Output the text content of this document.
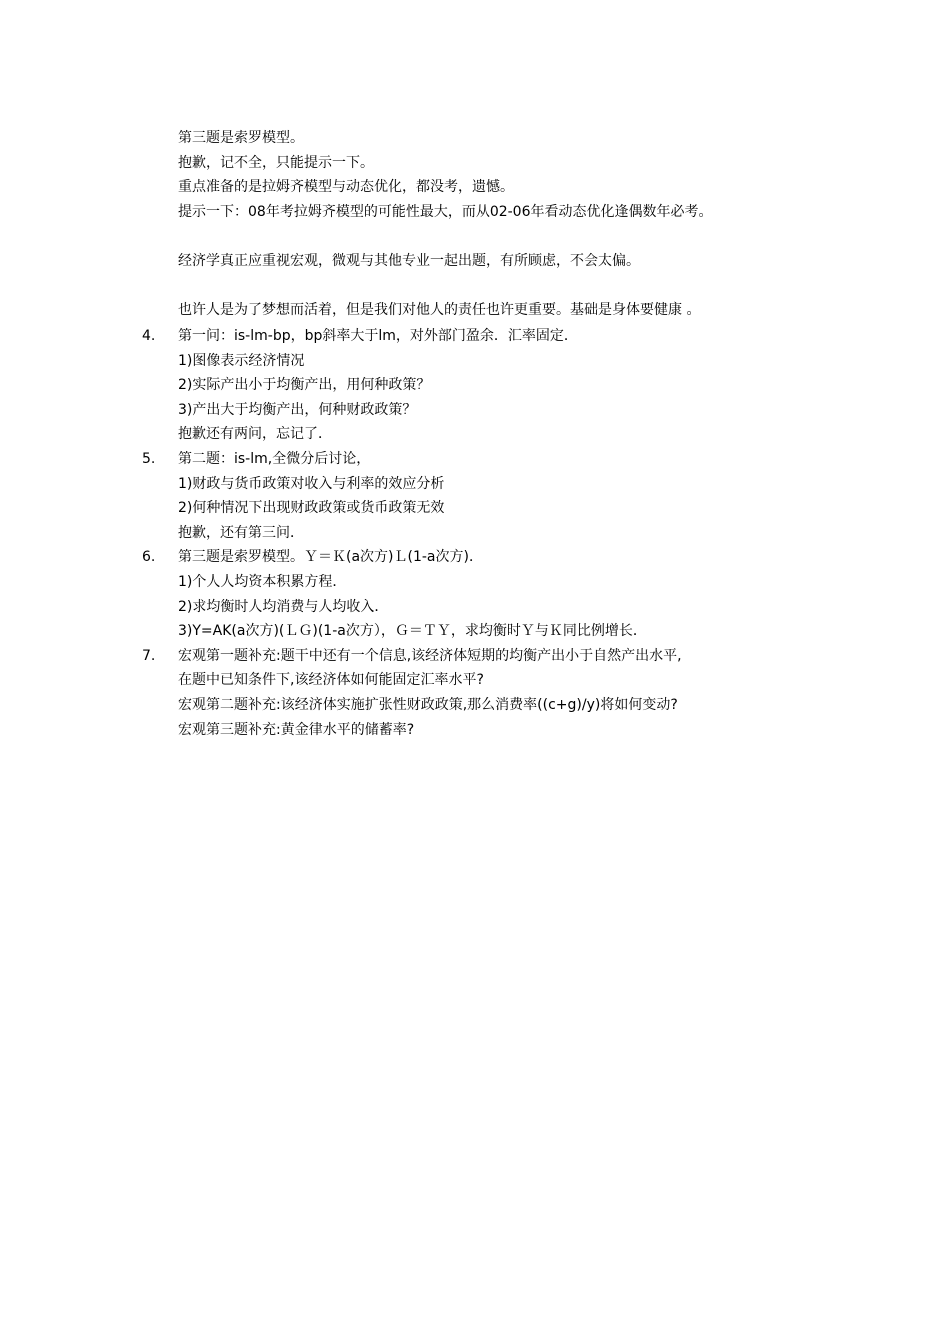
第三题是索罗模型。
抱歉，记不全，只能提示一下。
重点准备的是拉姆齐模型与动态优化，都没考，遗憾。
提示一下：08年考拉姆齐模型的可能性最大，而从02-06年看动态优化逢偶数年必考。
经济学真正应重视宏观，微观与其他专业一起出题，有所顾虑，不会太偏。
也许人是为了梦想而活着，但是我们对他人的责任也许更重要。基础是身体要健康 。
4. 第一问：is-lm-bp，bp斜率大于lm，对外部门盈余．汇率固定．
1)图像表示经济情况
2)实际产出小于均衡产出，用何种政策？
3)产出大于均衡产出，何种财政政策？
抱歉还有两问，忘记了．
5. 第二题：is-lm,全微分后讨论，
1)财政与货币政策对收入与利率的效应分析
2)何种情况下出现财政政策或货币政策无效
抱歉，还有第三问．
6. 第三题是索罗模型。Ｙ＝Ｋ(a次方)Ｌ(1-a次方)．
1)个人人均资本积累方程．
2)求均衡时人均消费与人均收入．
3)Y=AK(a次方)(ＬＧ)(1-a次方），Ｇ＝ＴＹ，求均衡时Ｙ与Ｋ同比例增长．
7. 宏观第一题补充:题干中还有一个信息,该经济体短期的均衡产出小于自然产出水平,
在题中已知条件下,该经济体如何能固定汇率水平?
宏观第二题补充:该经济体实施扩张性财政政策,那么消费率((c+g)/y)将如何变动?
宏观第三题补充:黄金律水平的储蓄率?
